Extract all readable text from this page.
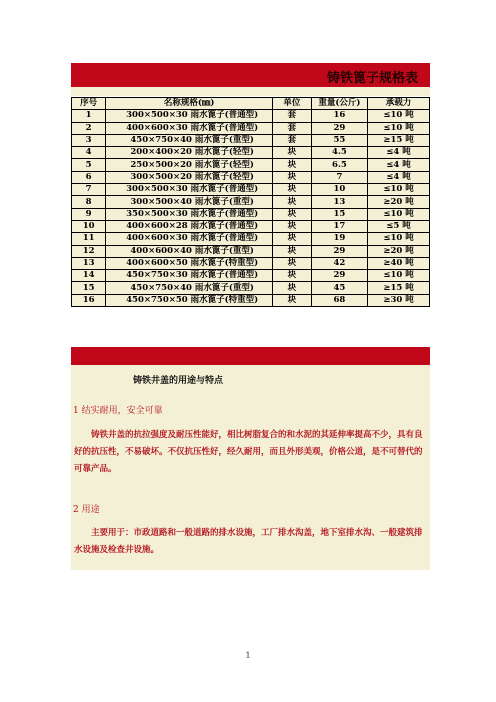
铸铁篦子规格表
序号	名称规格(㎜)	单位	重量(公斤)	承载力
1	300×500×30 雨水篦子(普通型)	套	16	≤10 吨
2	400×600×30 雨水篦子(普通型)	套	29	≤10 吨
3	450×750×40 雨水篦子(重型)	套	55	≥15 吨
4	200×400×20 雨水篦子(轻型)	块	4.5	≤4 吨
5	250×500×20 雨水篦子(轻型)	块	6.5	≤4 吨
6	300×500×20 雨水篦子(轻型)	块	7	≤4 吨
7	300×500×30 雨水篦子(普通型)	块	10	≤10 吨
8	300×500×40 雨水篦子(重型)	块	13	≥20 吨
9	350×500×30 雨水篦子(普通型)	块	15	≤10 吨
10	400×600×28 雨水篦子(普通型)	块	17	≤5 吨
11	400×600×30 雨水篦子(普通型)	块	19	≤10 吨
12	400×600×40 雨水篦子(重型)	块	29	≥20 吨
13	400×600×50 雨水篦子(特重型)	块	42	≥40 吨
14	450×750×30 雨水篦子(普通型)	块	29	≤10 吨
15	450×750×40 雨水篦子(重型)	块	45	≥15 吨
16	450×750×50 雨水篦子(特重型)	块	68	≥30 吨
铸铁井盖的用途与特点
1 结实耐用，安全可靠
铸铁井盖的抗拉强度及耐压性能好，相比树脂复合的和水泥的其延伸率提高不少，具有良好的抗压性，不易破坏。不仅抗压性好，经久耐用，而且外形美观，价格公道，是不可替代的可靠产品。
2 用途
主要用于：市政道路和一般道路的排水设施，工厂排水沟盖，地下室排水沟、一般建筑排水设施及检查井设施。
1
